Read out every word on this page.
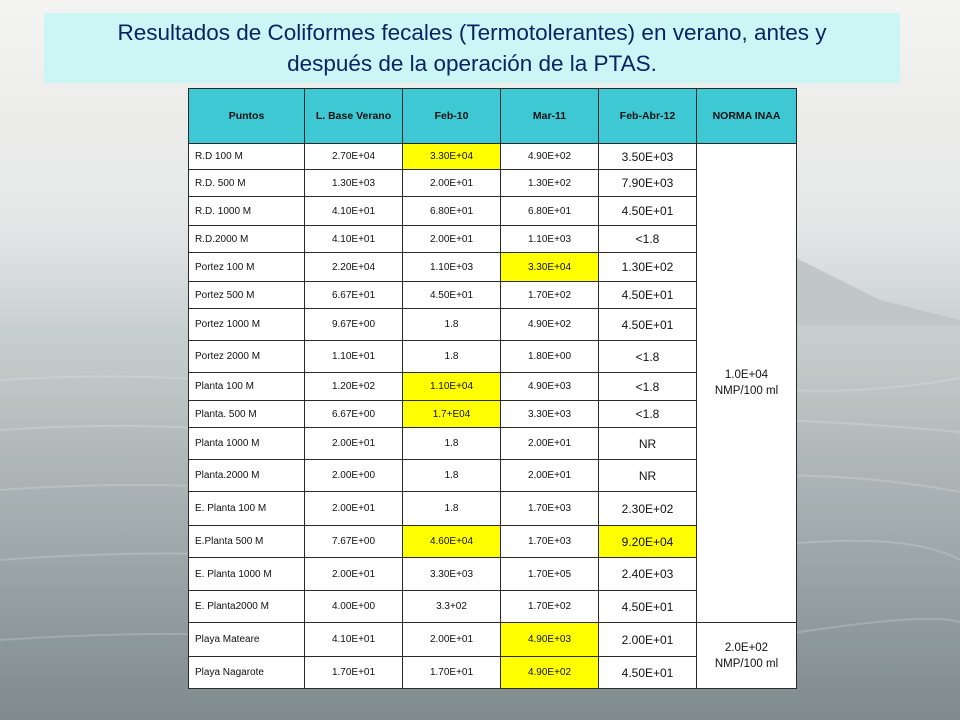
Resultados de Coliformes fecales (Termotolerantes) en verano, antes y
después de la operación de la PTAS.
Puntos	L. Base Verano	Feb-10	Mar-11	Feb-Abr-12	NORMA INAA
R.D 100 M	2.70E+04	3.30E+04	4.90E+02	3.50E+03	1.0E+04
NMP/100 ml
R.D. 500 M	1.30E+03	2.00E+01	1.30E+02	7.90E+03	
R.D. 1000 M	4.10E+01	6.80E+01	6.80E+01	4.50E+01	
R.D.2000 M	4.10E+01	2.00E+01	1.10E+03	<1.8	
Portez 100 M	2.20E+04	1.10E+03	3.30E+04	1.30E+02	
Portez 500 M	6.67E+01	4.50E+01	1.70E+02	4.50E+01	
Portez 1000 M	9.67E+00	1.8	4.90E+02	4.50E+01	
Portez 2000 M	1.10E+01	1.8	1.80E+00	<1.8	
Planta 100 M	1.20E+02	1.10E+04	4.90E+03	<1.8	
Planta. 500 M	6.67E+00	1.7+E04	3.30E+03	<1.8	
Planta 1000 M	2.00E+01	1.8	2.00E+01	NR	
Planta.2000 M	2.00E+00	1.8	2.00E+01	NR	
E. Planta 100 M	2.00E+01	1.8	1.70E+03	2.30E+02	
E.Planta 500 M	7.67E+00	4.60E+04	1.70E+03	9.20E+04	
E. Planta 1000 M	2.00E+01	3.30E+03	1.70E+05	2.40E+03	
E. Planta2000 M	4.00E+00	3.3+02	1.70E+02	4.50E+01	
Playa Mateare	4.10E+01	2.00E+01	4.90E+03	2.00E+01	2.0E+02
NMP/100 ml
Playa Nagarote	1.70E+01	1.70E+01	4.90E+02	4.50E+01	
